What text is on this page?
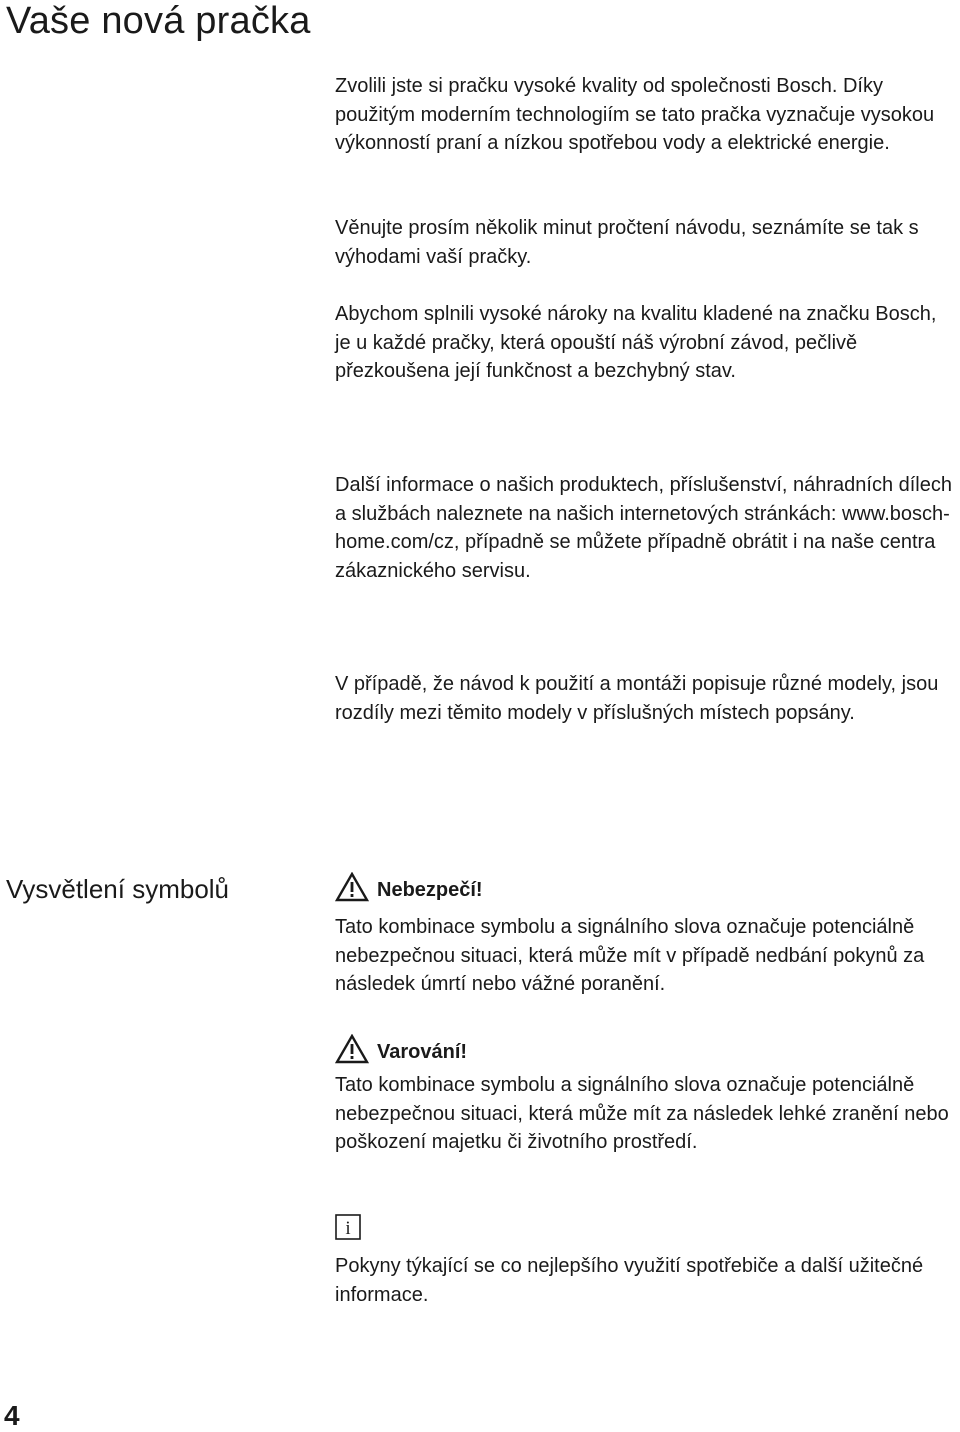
Vaše nová pračka

Zvolili jste si pračku vysoké kvality od společnosti Bosch. Díky použitým moderním technologiím se tato pračka vyznačuje vysokou výkonností praní a nízkou spotřebou vody a elektrické energie.

Věnujte prosím několik minut pročtení návodu, seznámíte se tak s výhodami vaší pračky.

Abychom splnili vysoké nároky na kvalitu kladené na značku Bosch, je u každé pračky, která opouští náš výrobní závod, pečlivě přezkoušena její funkčnost a bezchybný stav.

Další informace o našich produktech, příslušenství, náhradních dílech a službách naleznete na našich internetových stránkách: www.bosch-home.com/cz, případně se můžete případně obrátit i na naše centra zákaznického servisu.

V případě, že návod k použití a montáži popisuje různé modely, jsou rozdíly mezi těmito modely v příslušných místech popsány.

Vysvětlení symbolů	Nebezpečí!

Tato kombinace symbolu a signálního slova označuje potenciálně nebezpečnou situaci, která může mít v případě nedbání pokynů za následek úmrtí nebo vážné poranění.

Varování!

Tato kombinace symbolu a signálního slova označuje potenciálně nebezpečnou situaci, která může mít za následek lehké zranění nebo poškození majetku či životního prostředí.

i

Pokyny týkající se co nejlepšího využití spotřebiče a další užitečné informace.

4
